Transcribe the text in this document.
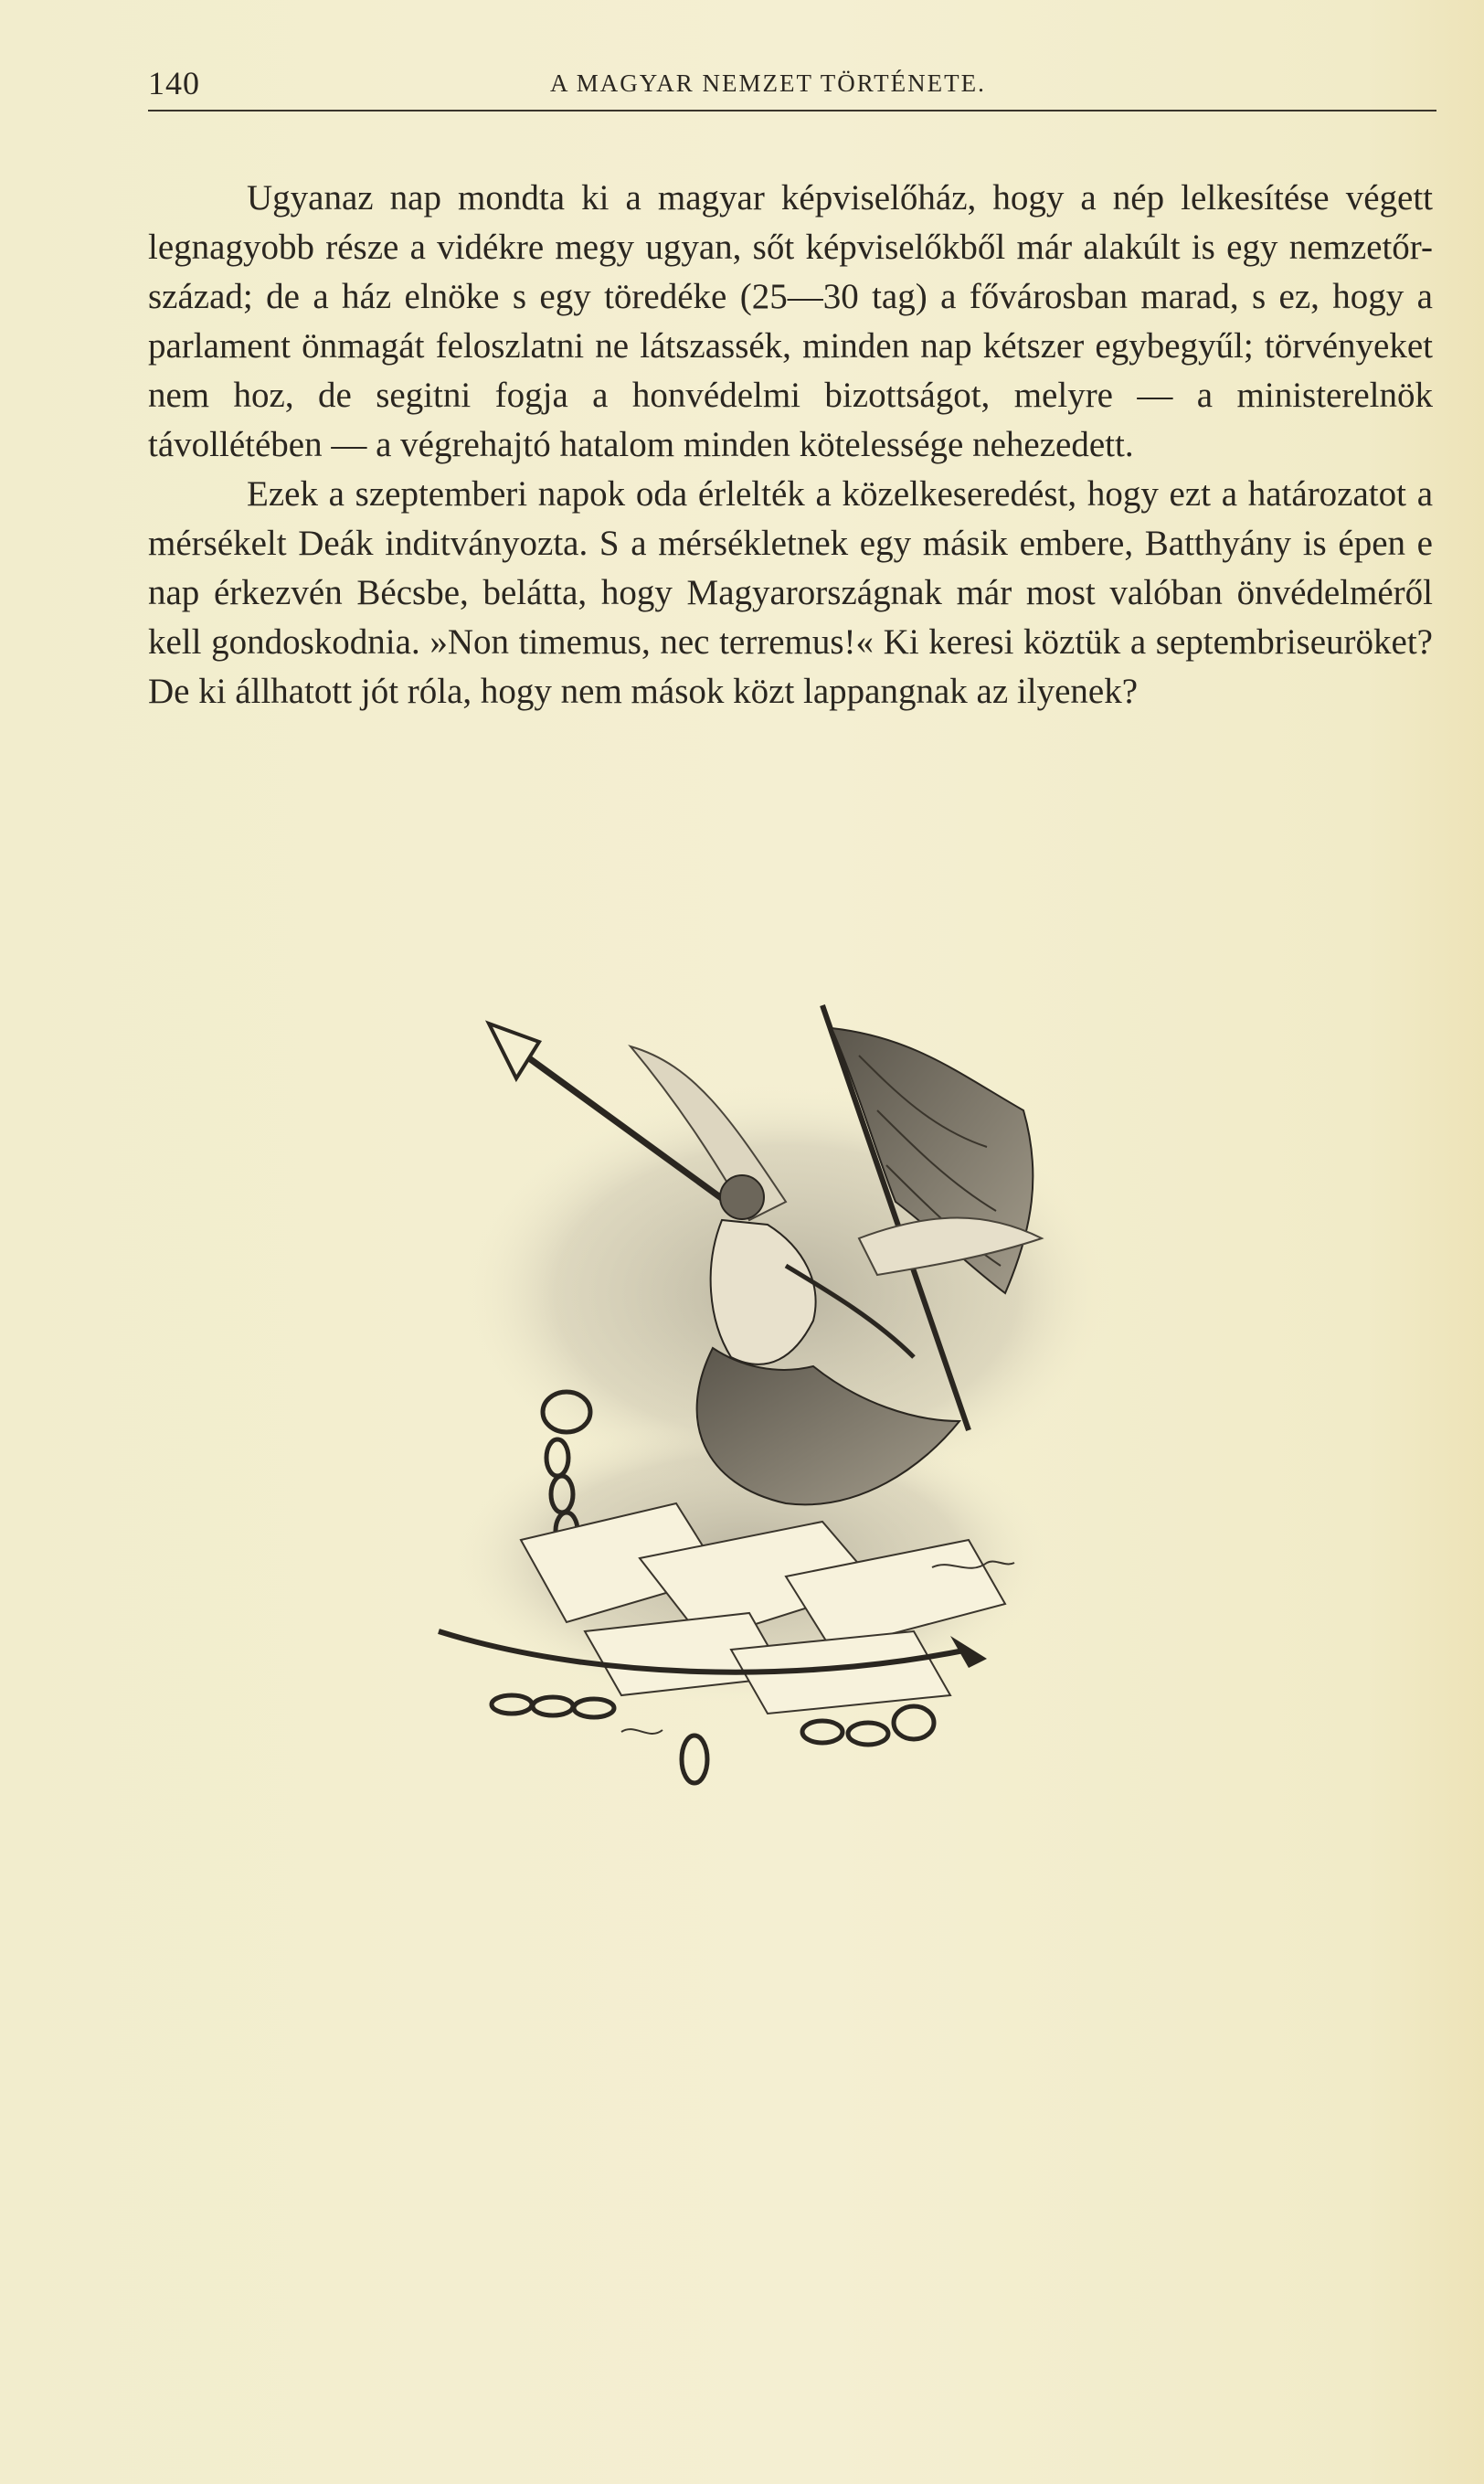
140	A MAGYAR NEMZET TÖRTÉNETE.

Ugyanaz nap mondta ki a magyar képviselőház, hogy a nép lelkesítése végett legnagyobb része a vidékre megy ugyan, sőt képviselőkből már alakúlt is egy nemzetőr-század; de a ház elnöke s egy töredéke (25—30 tag) a fővárosban marad, s ez, hogy a parlament önmagát feloszlatni ne látszassék, minden nap kétszer egybegyűl; törvényeket nem hoz, de segitni fogja a honvédelmi bizottságot, melyre — a ministerelnök távollétében — a végrehajtó hatalom minden kötelessége nehezedett.

Ezek a szeptemberi napok oda érlelték a közelkeseredést, hogy ezt a határozatot a mérsékelt Deák inditványozta. S a mérsékletnek egy másik embere, Batthyány is épen e nap érkezvén Bécsbe, belátta, hogy Magyarországnak már most valóban önvédelméről kell gondoskodnia. »Non timemus, nec terremus!« Ki keresi köztük a septembriseuröket? De ki állhatott jót róla, hogy nem mások közt lappangnak az ilyenek?
